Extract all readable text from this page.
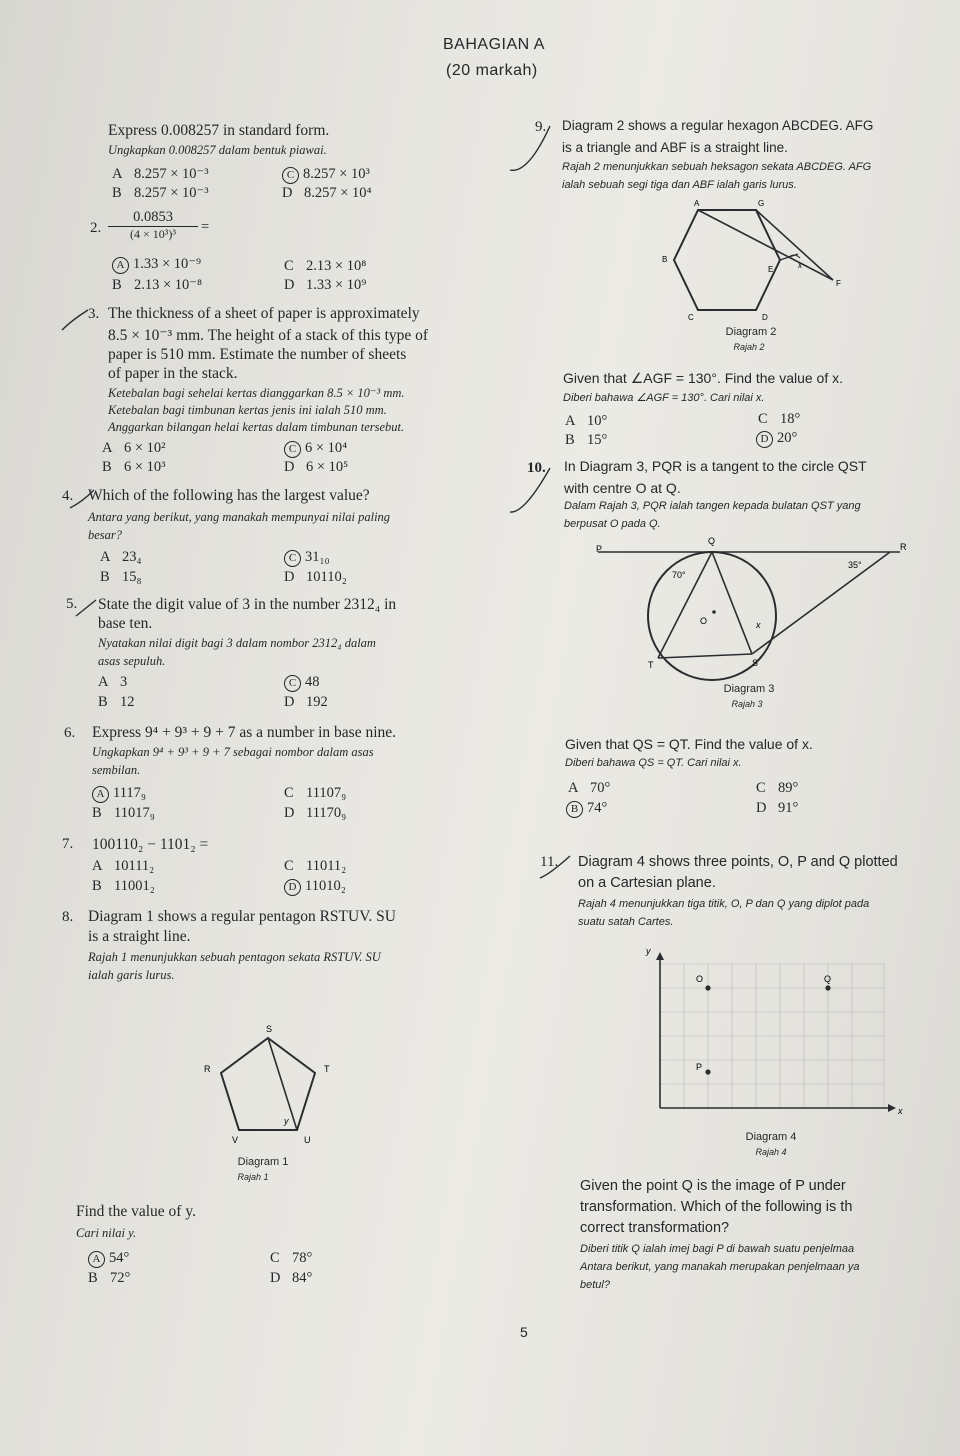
BAHAGIAN A
(20 markah)
Express 0.008257 in standard form.
Ungkapkan 0.008257 dalam bentuk piawai.
A 8.257 × 10⁻³	C 8.257 × 10³
B 8.257 × 10⁻³	D 8.257 × 10⁴
2.
0.0853
(4 × 10³)³	=
A 1.33 × 10⁻⁹	C 2.13 × 10⁸
B 2.13 × 10⁻⁸	D 1.33 × 10⁹
3. The thickness of a sheet of paper is approximately
8.5 × 10⁻³ mm. The height of a stack of this type of
paper is 510 mm. Estimate the number of sheets
of paper in the stack.
Ketebalan bagi sehelai kertas dianggarkan 8.5 × 10⁻³ mm.
Ketebalan bagi timbunan kertas jenis ini ialah 510 mm.
Anggarkan bilangan helai kertas dalam timbunan tersebut.
A 6 × 10²	C 6 × 10⁴
B 6 × 10³	D 6 × 10⁵
4. Which of the following has the largest value?
Antara yang berikut, yang manakah mempunyai nilai paling
besar?
A 23₄	C 31₁₀
B 15₈	D 10110₂
5. State the digit value of 3 in the number 2312₄ in
base ten.
Nyatakan nilai digit bagi 3 dalam nombor 2312₄ dalam
asas sepuluh.
A 3	C 48
B 12	D 192
6. Express 9⁴ + 9³ + 9 + 7 as a number in base nine.
Ungkapkan 9⁴ + 9³ + 9 + 7 sebagai nombor dalam asas
sembilan.
A 1117₉	C 11107₉
B 11017₉	D 11170₉
7. 100110₂ − 1101₂ =
A 10111₂	C 11011₂
B 11001₂	D 11010₂
8. Diagram 1 shows a regular pentagon RSTUV. SU
is a straight line.
Rajah 1 menunjukkan sebuah pentagon sekata RSTUV. SU
ialah garis lurus.
S
R	T
V	U
y
Diagram 1
Rajah 1
Find the value of y.
Cari nilai y.
A 54°	C 78°
B 72°	D 84°
9. Diagram 2 shows a regular hexagon ABCDEG. AFG
is a triangle and ABF is a straight line.
Rajah 2 menunjukkan sebuah heksagon sekata ABCDEG. AFG
ialah sebuah segi tiga dan ABF ialah garis lurus.
A	G
B
E
F
C	D
x
Diagram 2
Rajah 2
Given that ∠AGF = 130°. Find the value of x.
Diberi bahawa ∠AGF = 130°. Cari nilai x.
A 10°	C 18°
B 15°	D 20°
10. In Diagram 3, PQR is a tangent to the circle QST
with centre O at Q.
Dalam Rajah 3, PQR ialah tangen kepada bulatan QST yang
berpusat O pada Q.
P
Q
R
O
T	S
x
70°
35°
Diagram 3
Rajah 3
Given that QS = QT. Find the value of x.
Diberi bahawa QS = QT. Cari nilai x.
A 70°	C 89°
B 74°	D 91°
11. Diagram 4 shows three points, O, P and Q plotted
on a Cartesian plane.
Rajah 4 menunjukkan tiga titik, O, P dan Q yang diplot pada
suatu satah Cartes.
y
x
O	Q
P
Diagram 4
Rajah 4
Given the point Q is the image of P under
transformation. Which of the following is th
correct transformation?
Diberi titik Q ialah imej bagi P di bawah suatu penjelmaa
Antara berikut, yang manakah merupakan penjelmaan ya
betul?
5
